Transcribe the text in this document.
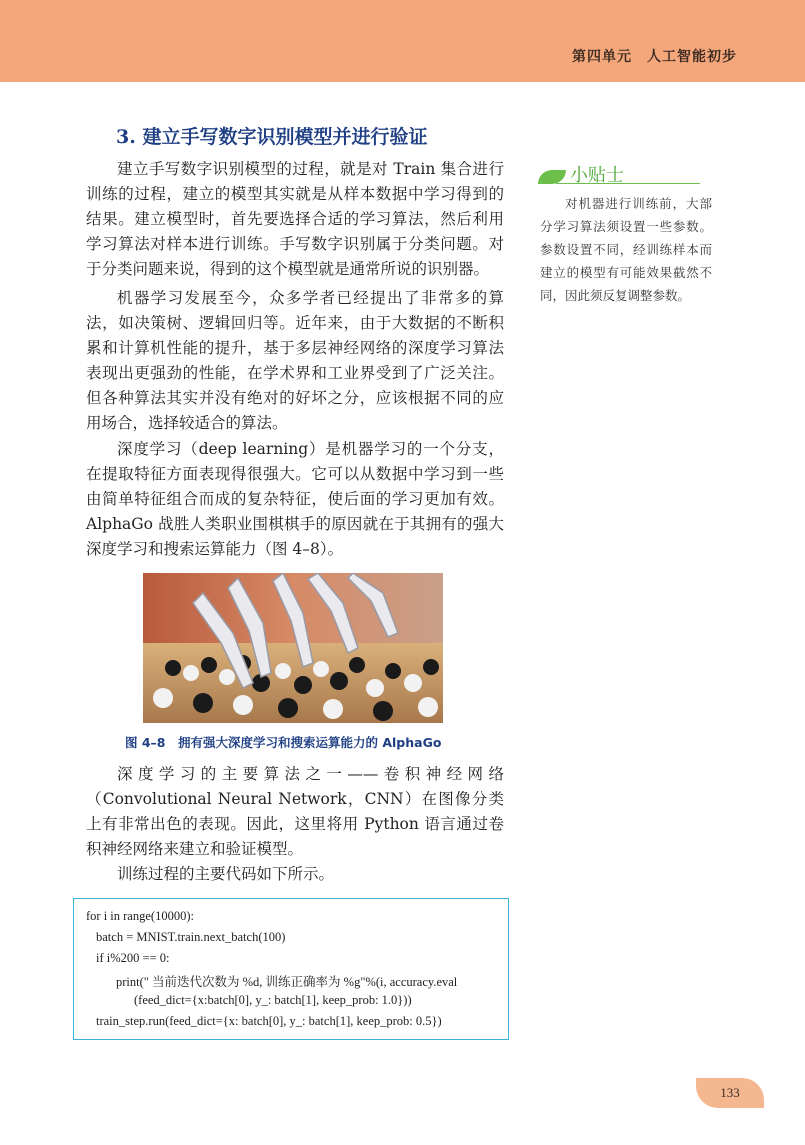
第四单元　人工智能初步
3. 建立手写数字识别模型并进行验证

建立手写数字识别模型的过程，就是对 Train 集合进行训练的过程，建立的模型其实就是从样本数据中学习得到的结果。建立模型时，首先要选择合适的学习算法，然后利用学习算法对样本进行训练。手写数字识别属于分类问题。对于分类问题来说，得到的这个模型就是通常所说的识别器。

机器学习发展至今，众多学者已经提出了非常多的算法，如决策树、逻辑回归等。近年来，由于大数据的不断积累和计算机性能的提升，基于多层神经网络的深度学习算法表现出更强劲的性能，在学术界和工业界受到了广泛关注。但各种算法其实并没有绝对的好坏之分，应该根据不同的应用场合，选择较适合的算法。

深度学习（deep learning）是机器学习的一个分支，在提取特征方面表现得很强大。它可以从数据中学习到一些由简单特征组合而成的复杂特征，使后面的学习更加有效。AlphaGo 战胜人类职业围棋棋手的原因就在于其拥有的强大深度学习和搜索运算能力（图 4–8）。

小贴士

对机器进行训练前，大部分学习算法须设置一些参数。参数设置不同，经训练样本而建立的模型有可能效果截然不同，因此须反复调整参数。

图 4–8　拥有强大深度学习和搜索运算能力的 AlphaGo

深度学习的主要算法之一——卷积神经网络（Convolutional Neural Network，CNN）在图像分类上有非常出色的表现。因此，这里将用 Python 语言通过卷积神经网络来建立和验证模型。

训练过程的主要代码如下所示。

for i in range(10000):
batch = MNIST.train.next_batch(100)
if i%200 == 0:
print(" 当前迭代次数为 %d, 训练正确率为 %g"%(i, accuracy.eval
(feed_dict={x:batch[0], y_: batch[1], keep_prob: 1.0}))
train_step.run(feed_dict={x: batch[0], y_: batch[1], keep_prob: 0.5})
133
